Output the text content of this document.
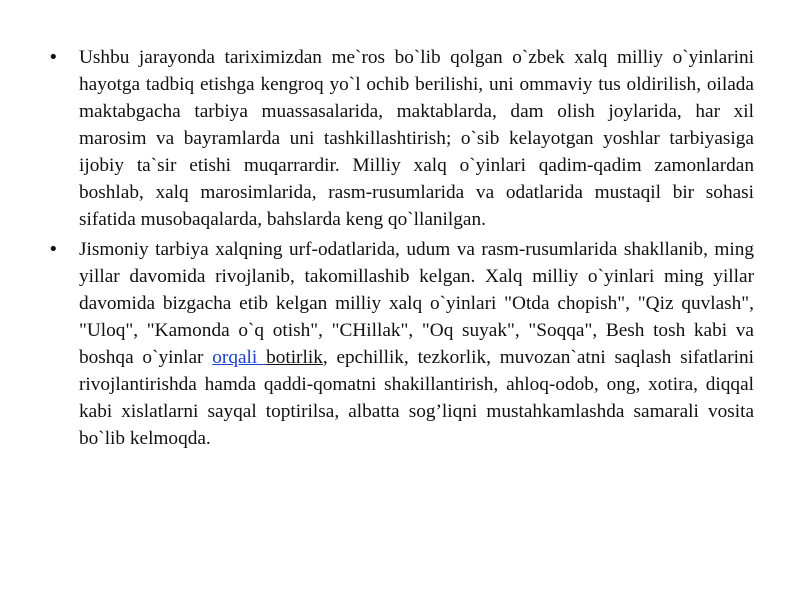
• Ushbu jarayonda tariximizdan me`ros bo`lib qolgan o`zbek xalq milliy o`yinlarini hayotga tadbiq etishga kengroq yo`l ochib berilishi, uni ommaviy tus oldirilish, oilada maktabgacha tarbiya muassasalarida, maktablarda, dam olish joylarida, har xil marosim va bayramlarda uni tashkillashtirish; o`sib kelayotgan yoshlar tarbiyasiga ijobiy ta`sir etishi muqarrardir. Milliy xalq o`yinlari qadim-qadim zamonlardan boshlab, xalq marosimlarida, rasm-rusumlarida va odatlarida mustaqil bir sohasi sifatida musobaqalarda, bahslarda keng qo`llanilgan.
• Jismoniy tarbiya xalqning urf-odatlarida, udum va rasm-rusumlarida shakllanib, ming yillar davomida rivojlanib, takomillashib kelgan. Xalq milliy o`yinlari ming yillar davomida bizgacha etib kelgan milliy xalq o`yinlari "Otda chopish", "Qiz quvlash", "Uloq", "Kamonda o`q otish", "CHillak", "Oq suyak", "Soqqa", Besh tosh kabi va boshqa o`yinlar orqali botirlik, epchillik, tezkorlik, muvozan`atni saqlash sifatlarini rivojlantirishda hamda qaddi-qomatni shakillantirish, ahloq-odob, ong, xotira, diqqal kabi xislatlarni sayqal toptirilsa, albatta sog’liqni mustahkamlashda samarali vosita bo`lib kelmoqda.
